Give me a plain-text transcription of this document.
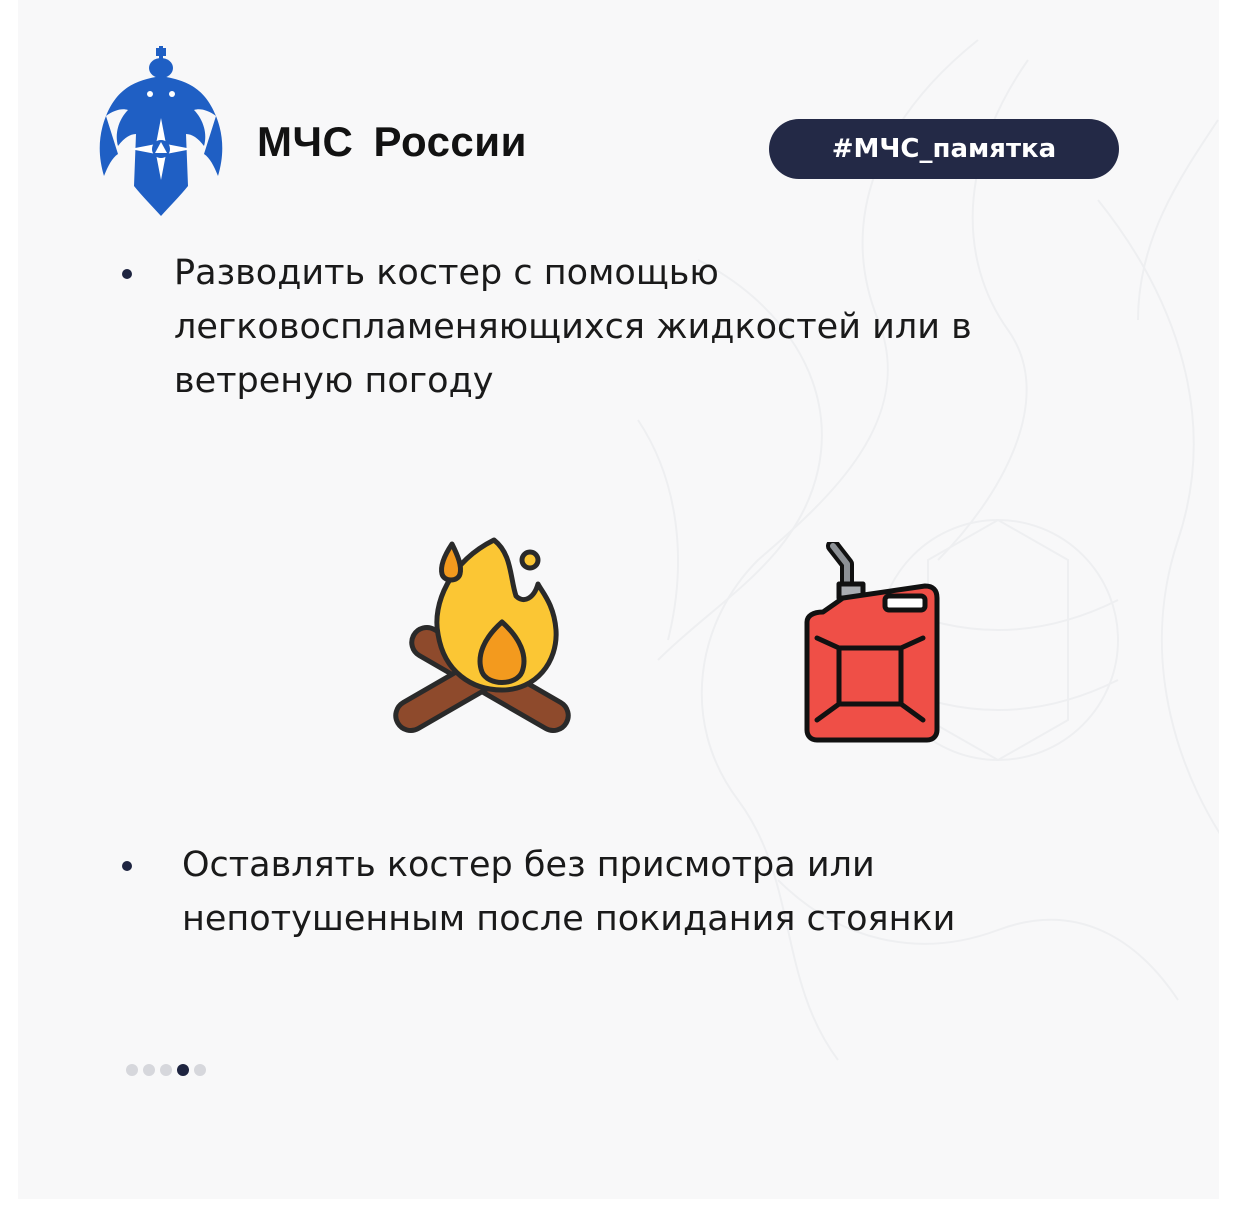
МЧС России	#МЧС_памятка
Разводить костер с помощью легковоспламеняющихся жидкостей или в ветреную погоду
Оставлять костер без присмотра или непотушенным после покидания стоянки
